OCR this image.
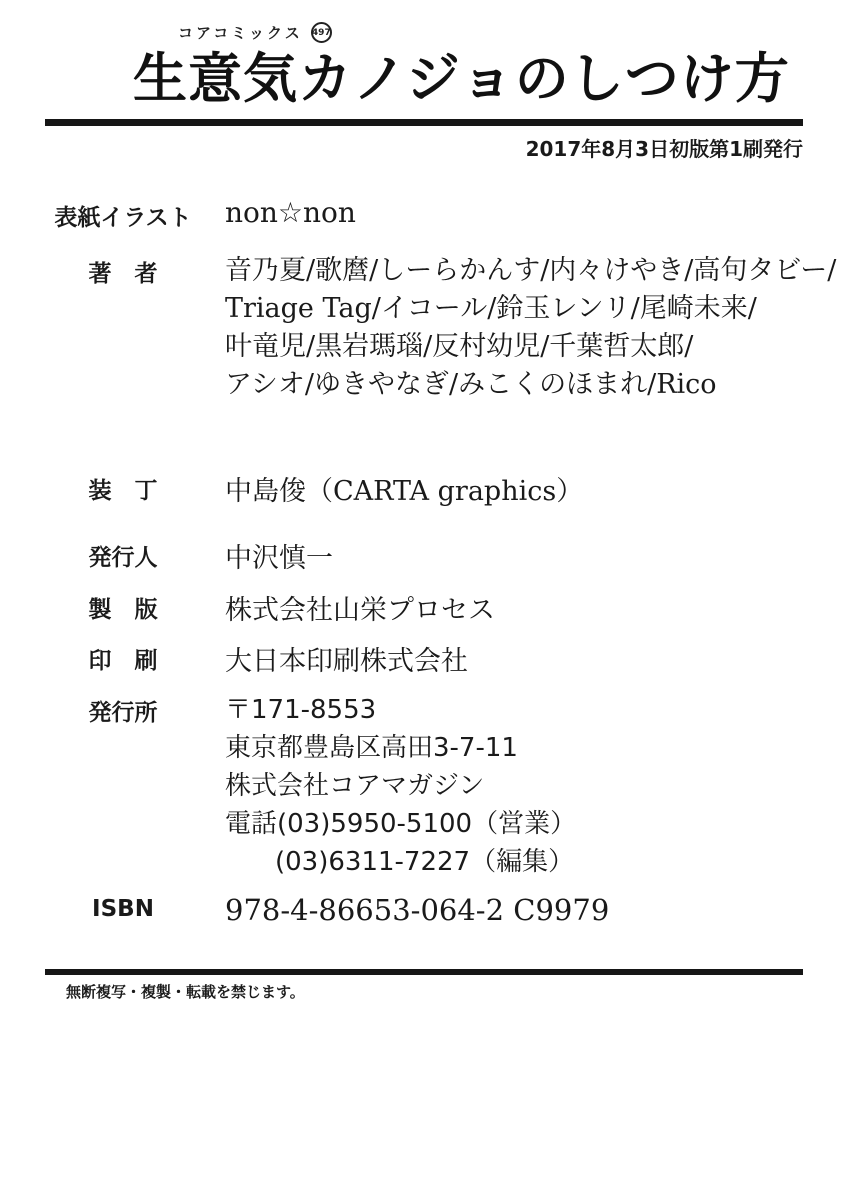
コアコミックス 497
生意気カノジョのしつけ方
2017年8月3日初版第1刷発行
表紙イラスト non☆non
著　者	音乃夏/歌麿/しーらかんす/内々けやき/高句タビー/
Triage Tag/イコール/鈴玉レンリ/尾崎未来/
叶竜児/黒岩瑪瑙/反村幼児/千葉哲太郎/
アシオ/ゆきやなぎ/みこくのほまれ/Rico
装　丁	中島俊（CARTA graphics）
発行人	中沢慎一
製　版	株式会社山栄プロセス
印　刷	大日本印刷株式会社
発行所	〒171-8553
東京都豊島区高田3-7-11
株式会社コアマガジン
電話(03)5950-5100（営業）
(03)6311-7227（編集）
ISBN	978-4-86653-064-2 C9979
無断複写・複製・転載を禁じます。
